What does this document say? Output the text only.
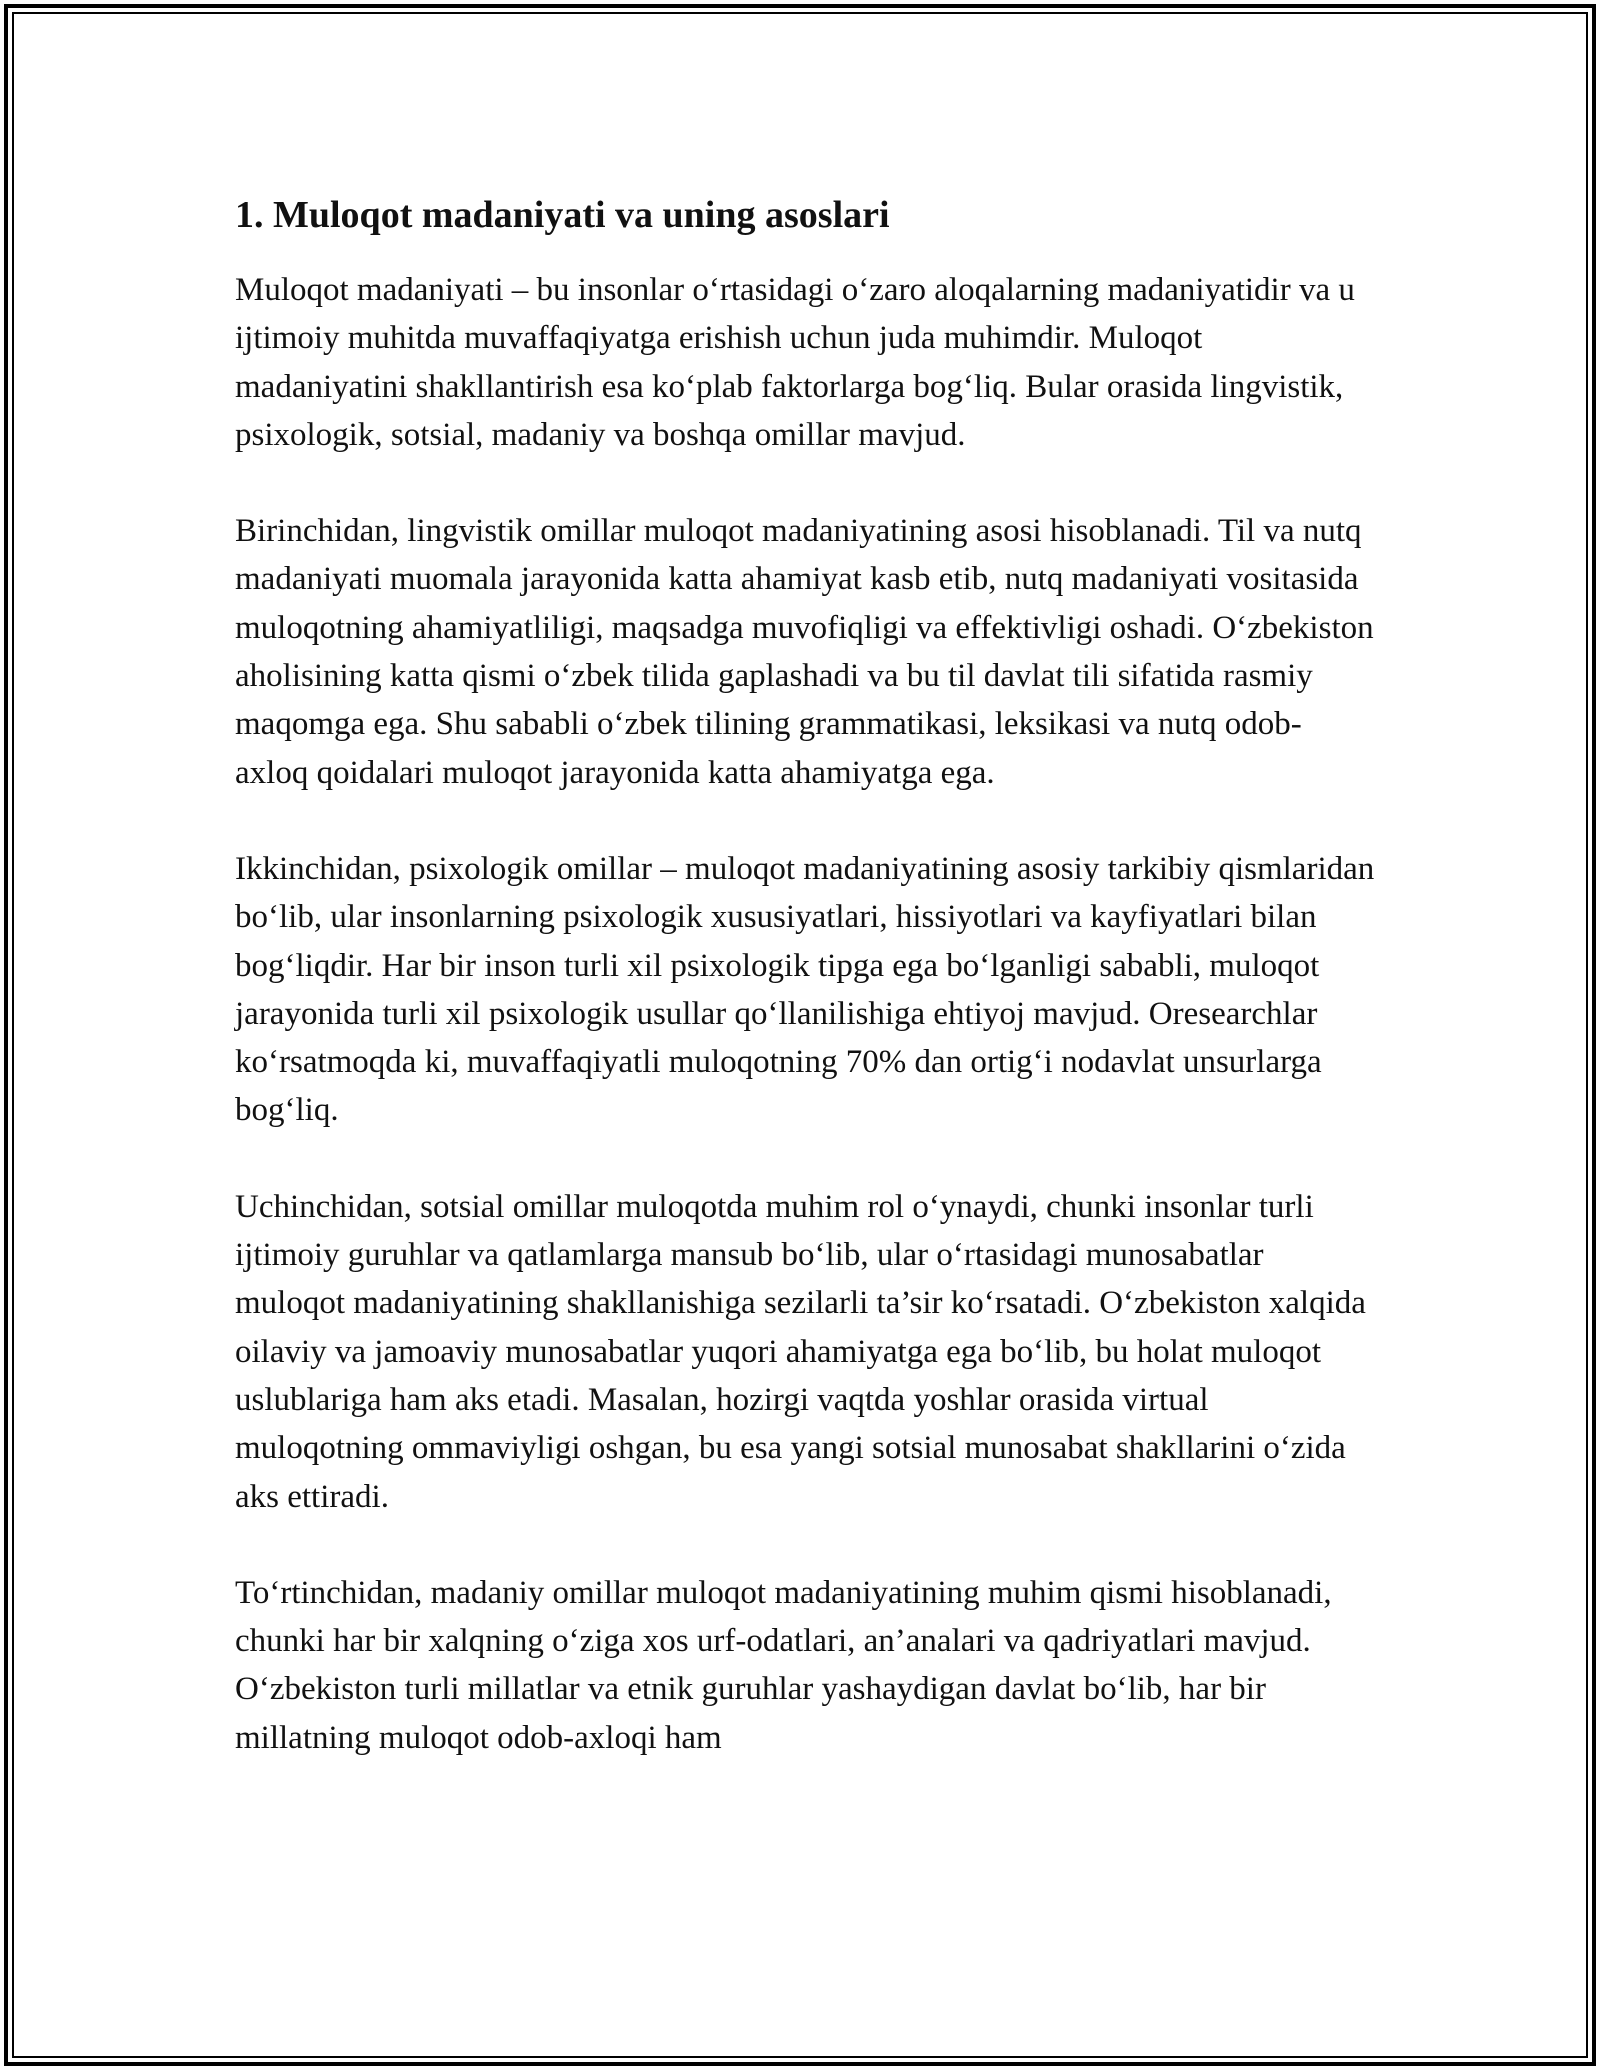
1. Muloqot madaniyati va uning asoslari

Muloqot madaniyati – bu insonlar o‘rtasidagi o‘zaro aloqalarning madaniyatidir va u ijtimoiy muhitda muvaffaqiyatga erishish uchun juda muhimdir. Muloqot madaniyatini shakllantirish esa ko‘plab faktorlarga bog‘liq. Bular orasida lingvistik, psixologik, sotsial, madaniy va boshqa omillar mavjud.

Birinchidan, lingvistik omillar muloqot madaniyatining asosi hisoblanadi. Til va nutq madaniyati muomala jarayonida katta ahamiyat kasb etib, nutq madaniyati vositasida muloqotning ahamiyatliligi, maqsadga muvofiqligi va effektivligi oshadi. O‘zbekiston aholisining katta qismi o‘zbek tilida gaplashadi va bu til davlat tili sifatida rasmiy maqomga ega. Shu sababli o‘zbek tilining grammatikasi, leksikasi va nutq odob-axloq qoidalari muloqot jarayonida katta ahamiyatga ega.

Ikkinchidan, psixologik omillar – muloqot madaniyatining asosiy tarkibiy qismlaridan bo‘lib, ular insonlarning psixologik xususiyatlari, hissiyotlari va kayfiyatlari bilan bog‘liqdir. Har bir inson turli xil psixologik tipga ega bo‘lganligi sababli, muloqot jarayonida turli xil psixologik usullar qo‘llanilishiga ehtiyoj mavjud. Oresearchlar ko‘rsatmoqda ki, muvaffaqiyatli muloqotning 70% dan ortig‘i nodavlat unsurlarga bog‘liq.

Uchinchidan, sotsial omillar muloqotda muhim rol o‘ynaydi, chunki insonlar turli ijtimoiy guruhlar va qatlamlarga mansub bo‘lib, ular o‘rtasidagi munosabatlar muloqot madaniyatining shakllanishiga sezilarli ta’sir ko‘rsatadi. O‘zbekiston xalqida oilaviy va jamoaviy munosabatlar yuqori ahamiyatga ega bo‘lib, bu holat muloqot uslublariga ham aks etadi. Masalan, hozirgi vaqtda yoshlar orasida virtual muloqotning ommaviyligi oshgan, bu esa yangi sotsial munosabat shakllarini o‘zida aks ettiradi.

To‘rtinchidan, madaniy omillar muloqot madaniyatining muhim qismi hisoblanadi, chunki har bir xalqning o‘ziga xos urf-odatlari, an’analari va qadriyatlari mavjud. O‘zbekiston turli millatlar va etnik guruhlar yashaydigan davlat bo‘lib, har bir millatning muloqot odob-axloqi ham
